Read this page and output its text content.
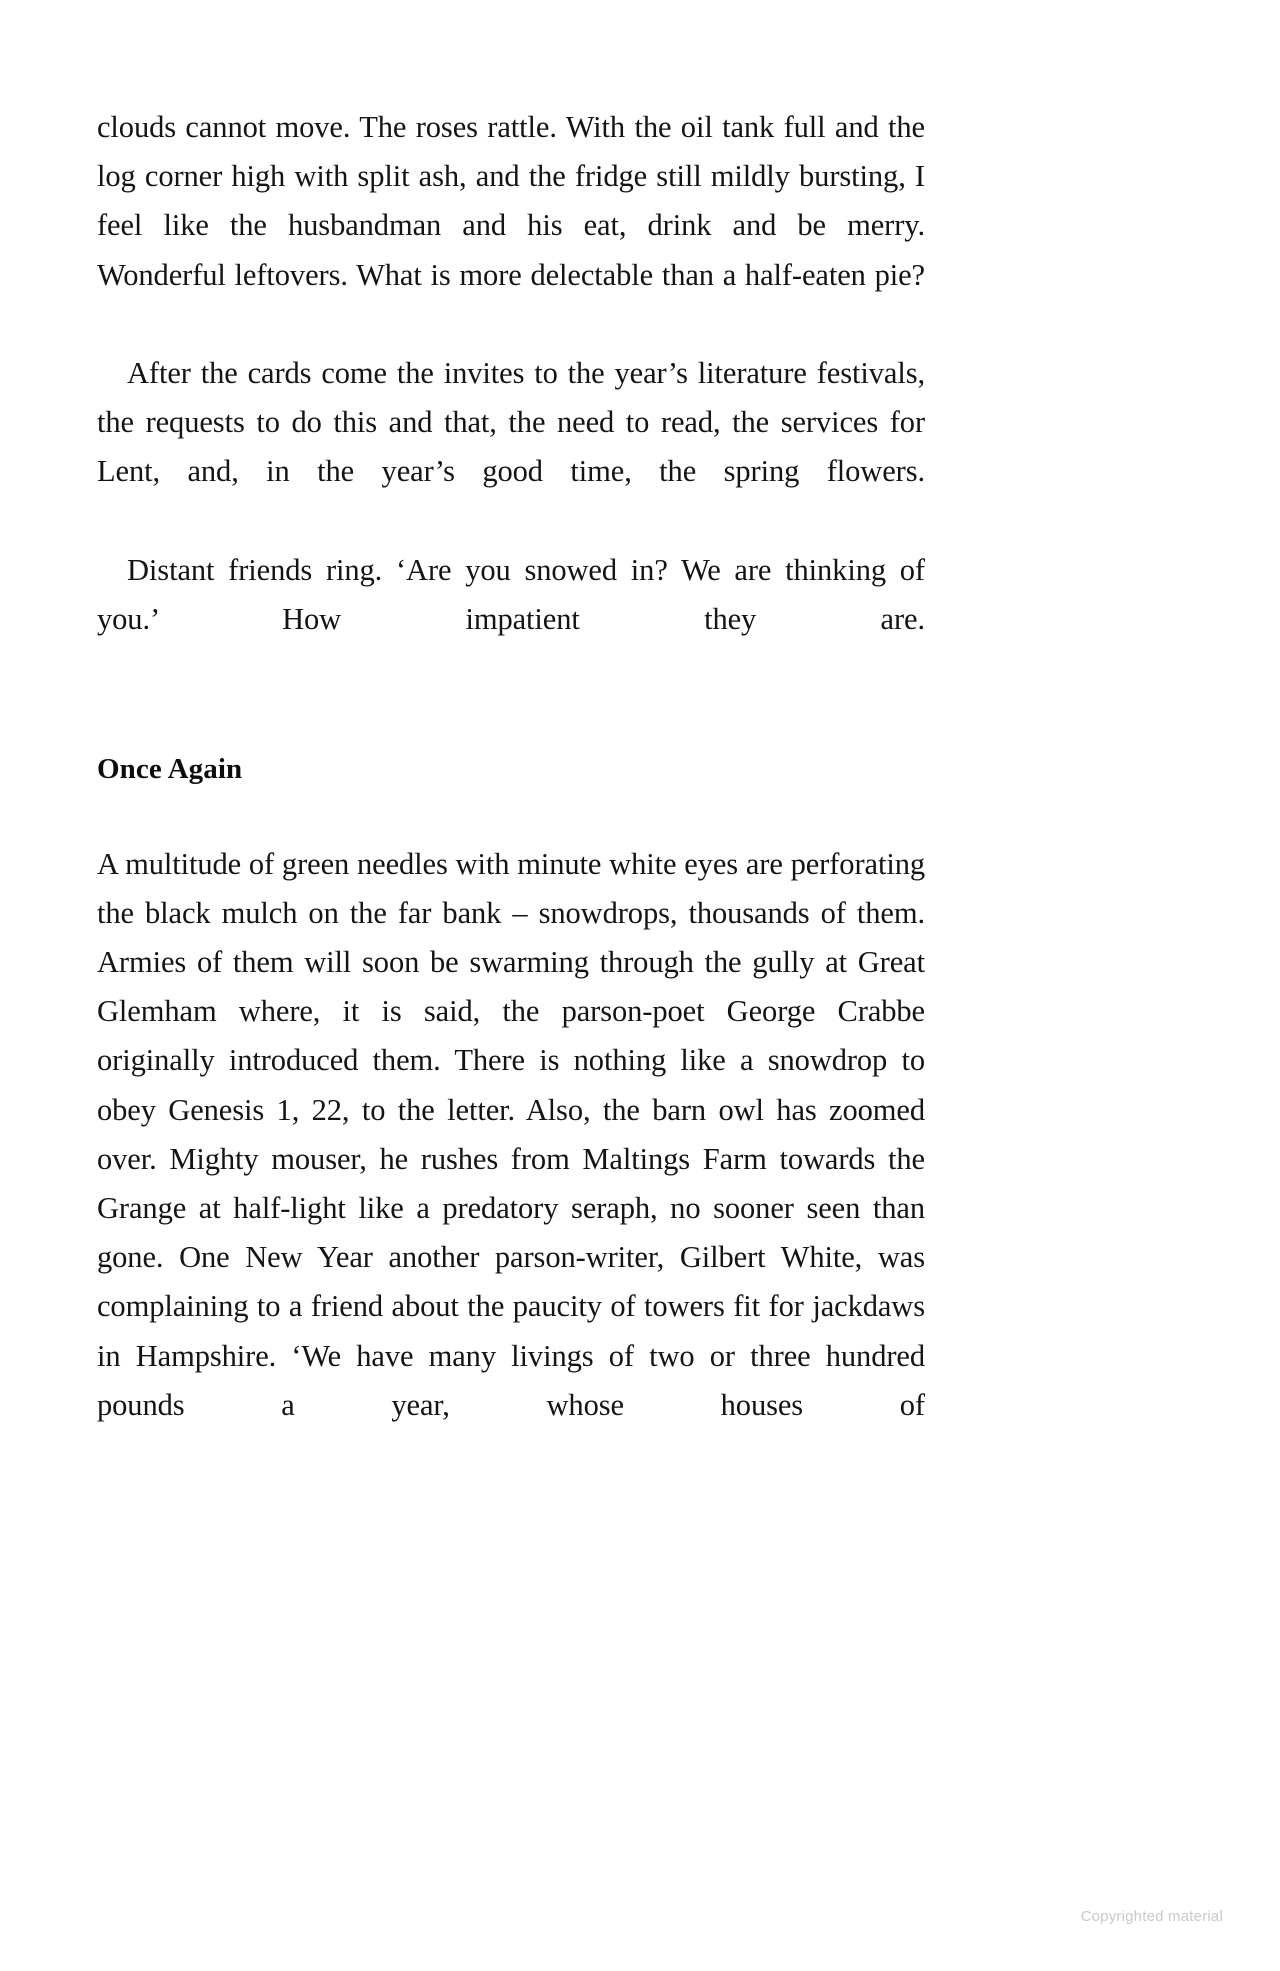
clouds cannot move. The roses rattle. With the oil tank full and the log corner high with split ash, and the fridge still mildly bursting, I feel like the husbandman and his eat, drink and be merry. Wonderful leftovers. What is more delectable than a half-eaten pie?

After the cards come the invites to the year’s literature festivals, the requests to do this and that, the need to read, the services for Lent, and, in the year’s good time, the spring flowers.

Distant friends ring. ‘Are you snowed in? We are thinking of you.’ How impatient they are.

Once Again

A multitude of green needles with minute white eyes are perforating the black mulch on the far bank – snowdrops, thousands of them. Armies of them will soon be swarming through the gully at Great Glemham where, it is said, the parson-poet George Crabbe originally introduced them. There is nothing like a snowdrop to obey Genesis 1, 22, to the letter. Also, the barn owl has zoomed over. Mighty mouser, he rushes from Maltings Farm towards the Grange at half-light like a predatory seraph, no sooner seen than gone. One New Year another parson-writer, Gilbert White, was complaining to a friend about the paucity of towers fit for jackdaws in Hampshire. ‘We have many livings of two or three hundred pounds a year, whose houses of

Copyrighted material
